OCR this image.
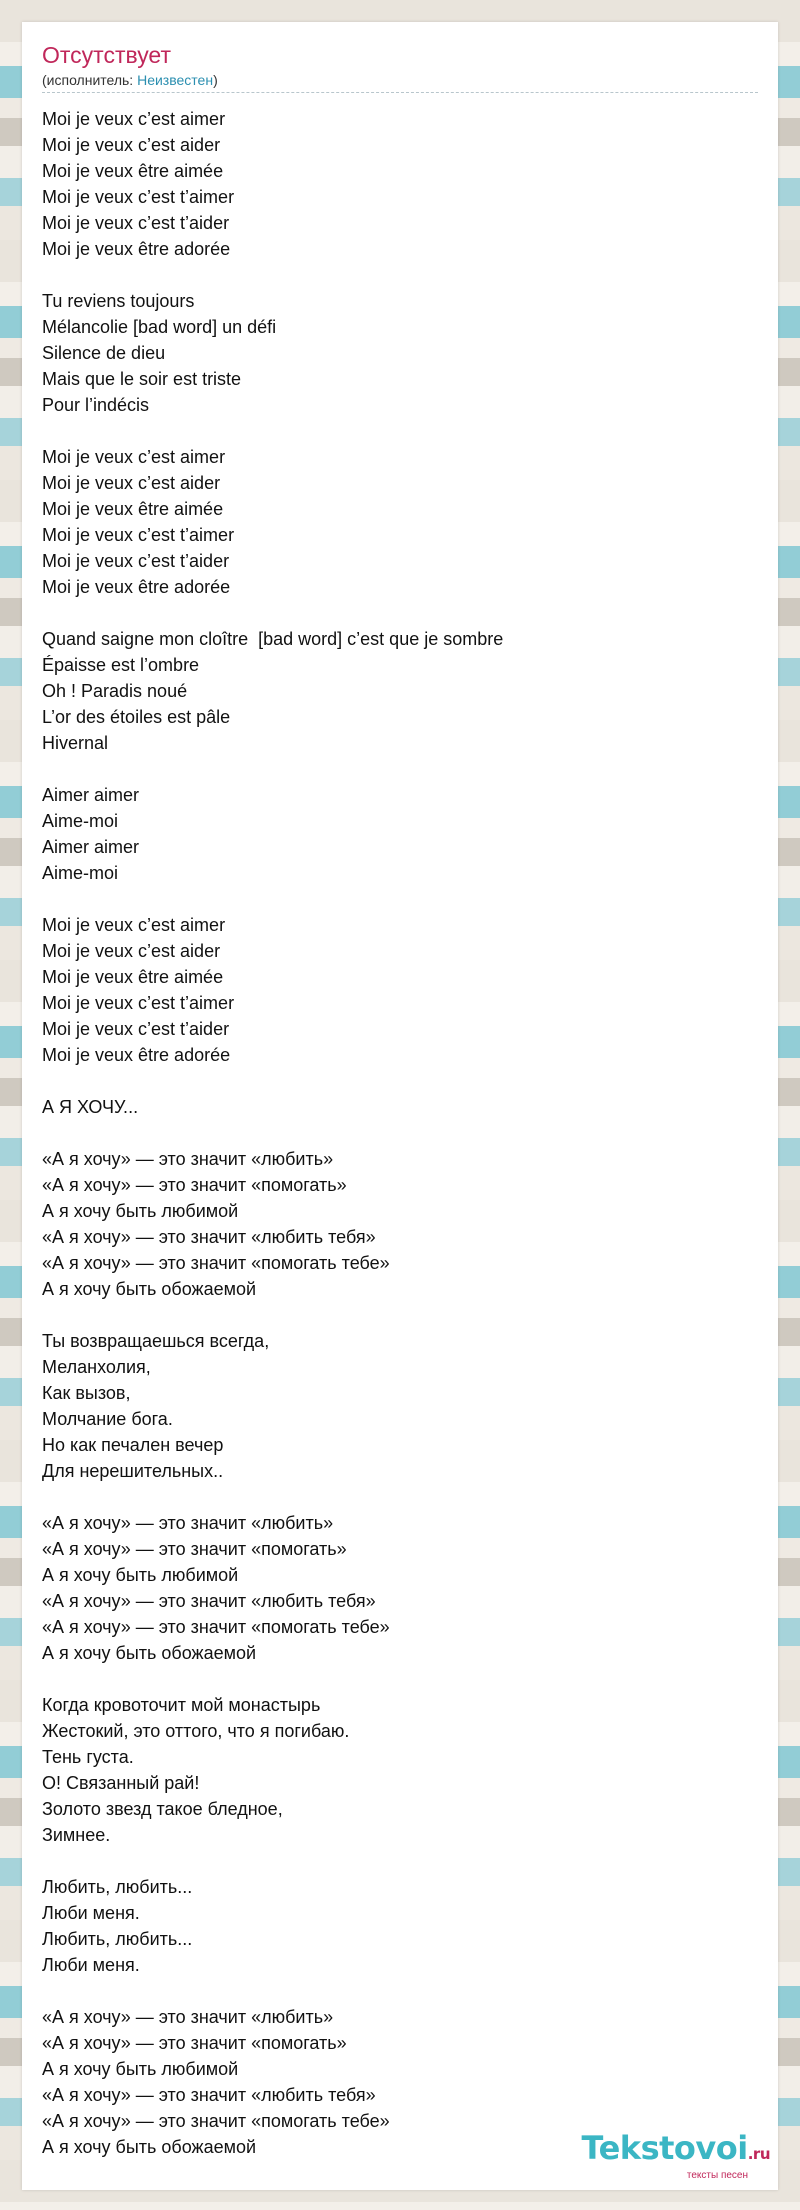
Отсутствует
(исполнитель: Неизвестен)
Moi je veux c’est aimer
Moi je veux c’est aider
Moi je veux être aimée
Moi je veux c’est t’aimer
Moi je veux c’est t’aider
Moi je veux être adorée
Tu reviens toujours
Mélancolie [bad word] un défi
Silence de dieu
Mais que le soir est triste
Pour l’indécis
Moi je veux c’est aimer
Moi je veux c’est aider
Moi je veux être aimée
Moi je veux c’est t’aimer
Moi je veux c’est t’aider
Moi je veux être adorée
Quand saigne mon cloître  [bad word] c’est que je sombre
Épaisse est l’ombre
Oh ! Paradis noué
L’or des étoiles est pâle
Hivernal
Aimer aimer
Aime-moi
Aimer aimer
Aime-moi
Moi je veux c’est aimer
Moi je veux c’est aider
Moi je veux être aimée
Moi je veux c’est t’aimer
Moi je veux c’est t’aider
Moi je veux être adorée
А Я ХОЧУ...
«А я хочу» — это значит «любить»
«А я хочу» — это значит «помогать»
А я хочу быть любимой
«А я хочу» — это значит «любить тебя»
«А я хочу» — это значит «помогать тебе»
А я хочу быть обожаемой
Ты возвращаешься всегда,
Меланхолия,
Как вызов,
Молчание бога.
Но как печален вечер
Для нерешительных..
«А я хочу» — это значит «любить»
«А я хочу» — это значит «помогать»
А я хочу быть любимой
«А я хочу» — это значит «любить тебя»
«А я хочу» — это значит «помогать тебе»
А я хочу быть обожаемой
Когда кровоточит мой монастырь
Жестокий, это оттого, что я погибаю.
Тень густа.
О! Связанный рай!
Золото звезд такое бледное,
Зимнее.
Любить, любить...
Люби меня.
Любить, любить...
Люби меня.
«А я хочу» — это значит «любить»
«А я хочу» — это значит «помогать»
А я хочу быть любимой
«А я хочу» — это значит «любить тебя»
«А я хочу» — это значит «помогать тебе»
А я хочу быть обожаемой	Tekstovoi.ru
тексты песен
